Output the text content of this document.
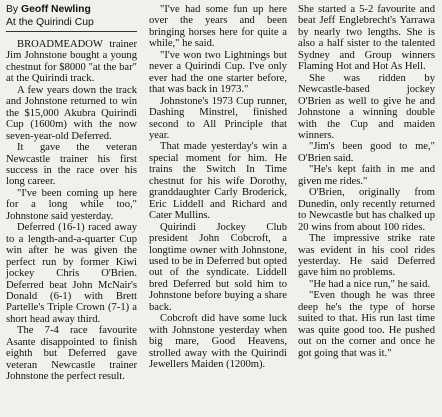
By Geoff Newling
At the Quirindi Cup

BROADMEADOW trainer Jim Johnstone bought a young chestnut for $8000 "at the bar" at the Quirindi track.

A few years down the track and Johnstone returned to win the $15,000 Akubra Quirindi Cup (1600m) with the now seven-year-old Deferred.

It gave the veteran Newcastle trainer his first success in the race over his long career.

"I've been coming up here for a long while too," Johnstone said yesterday.

Deferred (16-1) raced away to a length-and-a-quarter Cup win after he was given the perfect run by former Kiwi jockey Chris O'Brien. Deferred beat John McNair's Donald (6-1) with Brett Partelle's Triple Crown (7-1) a short head away third.

The 7-4 race favourite Asante disappointed to finish eighth but Deferred gave veteran Newcastle trainer Johnstone the perfect result.

"I've had some fun up here over the years and been bringing horses here for quite a while," he said.

"I've won two Lightnings but never a Quirindi Cup. I've only ever had the one starter before, that was back in 1973."

Johnstone's 1973 Cup runner, Dashing Minstrel, finished second to All Principle that year.

That made yesterday's win a special moment for him. He trains the Switch In Time chestnut for his wife Dorothy, granddaughter Carly Broderick, Eric Liddell and Richard and Cater Mullins.

Quirindi Jockey Club president John Cobcroft, a longtime owner with Johnstone, used to be in Deferred but opted out of the syndicate. Liddell bred Deferred but sold him to Johnstone before buying a share back.

Cobcroft did have some luck with Johnstone yesterday when big mare, Good Heavens, strolled away with the Quirindi Jewellers Maiden (1200m).

She started a 5-2 favourite and beat Jeff Englebrecht's Yarrawa by nearly two lengths. She is also a half sister to the talented Sydney and Group winners Flaming Hot and Hot As Hell.

She was ridden by Newcastle-based jockey O'Brien as well to give he and Johnstone a winning double with the Cup and maiden winners.

"Jim's been good to me," O'Brien said.

"He's kept faith in me and given me rides."

O'Brien, originally from Dunedin, only recently returned to Newcastle but has chalked up 20 wins from about 100 rides.

The impressive strike rate was evident in his cool rides yesterday. He said Deferred gave him no problems.

"He had a nice run," he said.

"Even though he was three deep he's the type of horse suited to that. His run last time was quite good too. He pushed out on the corner and once he got going that was it."
